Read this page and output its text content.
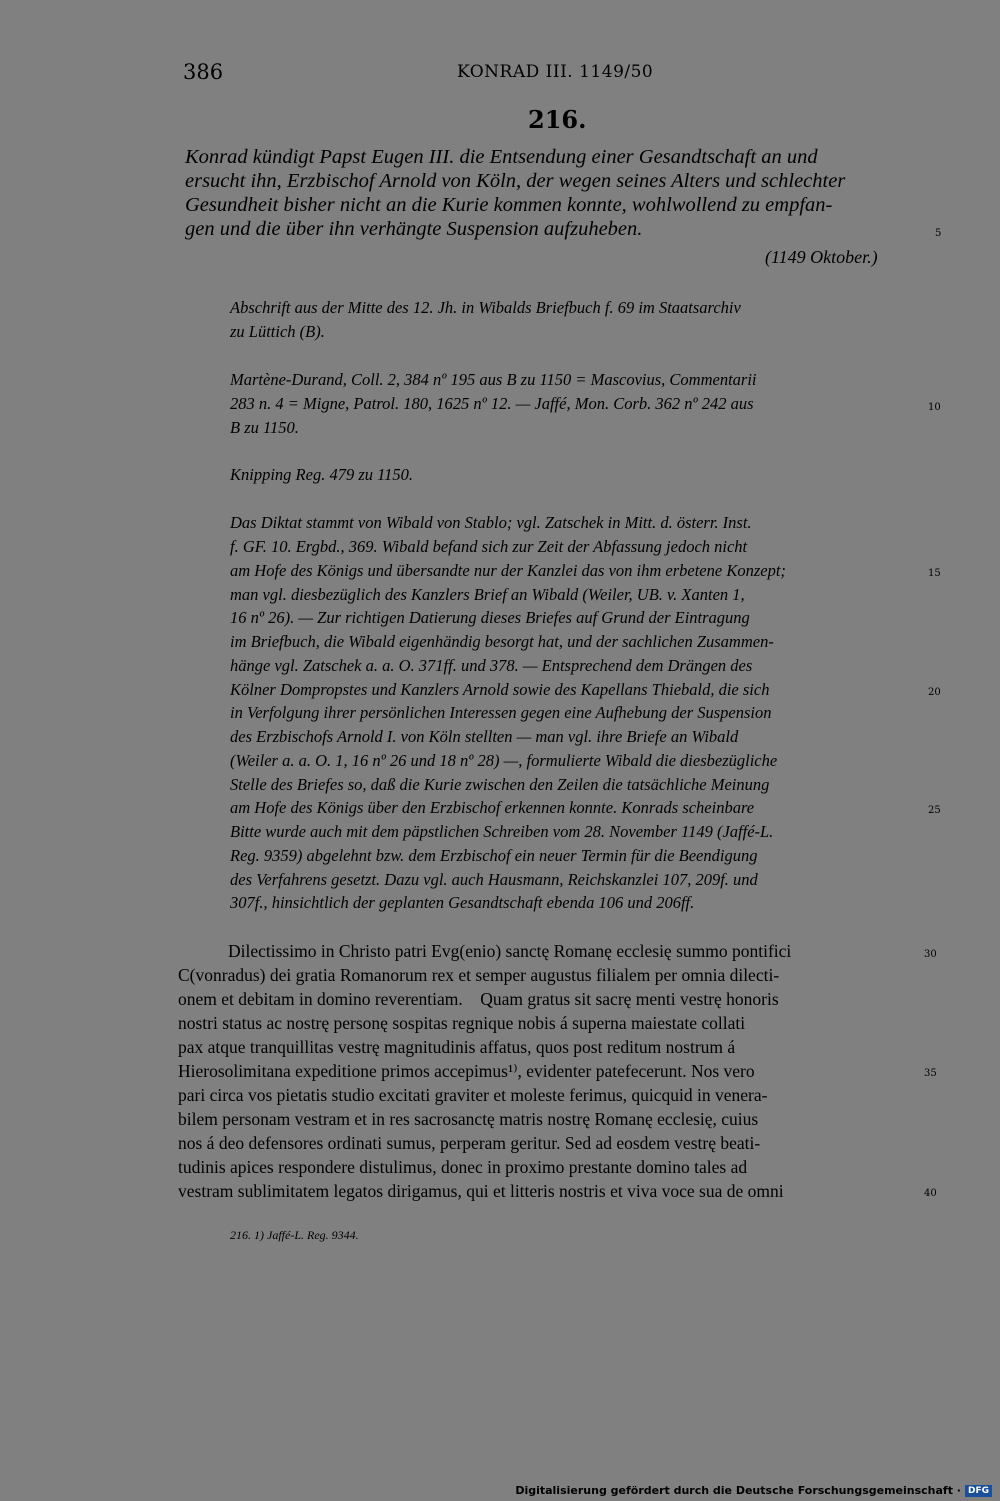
386	KONRAD III. 1149/50
216.
Konrad kündigt Papst Eugen III. die Entsendung einer Gesandtschaft an und
ersucht ihn, Erzbischof Arnold von Köln, der wegen seines Alters und schlechter
Gesundheit bisher nicht an die Kurie kommen konnte, wohlwollend zu empfan-
gen und die über ihn verhängte Suspension aufzuheben.
(1149 Oktober.)
Abschrift aus der Mitte des 12. Jh. in Wibalds Briefbuch f. 69 im Staatsarchiv
zu Lüttich (B).
Martène-Durand, Coll. 2, 384 nº 195 aus B zu 1150 = Mascovius, Commentarii
283 n. 4 = Migne, Patrol. 180, 1625 nº 12. — Jaffé, Mon. Corb. 362 nº 242 aus
B zu 1150.
Knipping Reg. 479 zu 1150.
Das Diktat stammt von Wibald von Stablo; vgl. Zatschek in Mitt. d. österr. Inst.
f. GF. 10. Ergbd., 369. Wibald befand sich zur Zeit der Abfassung jedoch nicht
am Hofe des Königs und übersandte nur der Kanzlei das von ihm erbetene Konzept;
man vgl. diesbezüglich des Kanzlers Brief an Wibald (Weiler, UB. v. Xanten 1,
16 nº 26). — Zur richtigen Datierung dieses Briefes auf Grund der Eintragung
im Briefbuch, die Wibald eigenhändig besorgt hat, und der sachlichen Zusammen-
hänge vgl. Zatschek a. a. O. 371ff. und 378. — Entsprechend dem Drängen des
Kölner Dompropstes und Kanzlers Arnold sowie des Kapellans Thiebald, die sich
in Verfolgung ihrer persönlichen Interessen gegen eine Aufhebung der Suspension
des Erzbischofs Arnold I. von Köln stellten — man vgl. ihre Briefe an Wibald
(Weiler a. a. O. 1, 16 nº 26 und 18 nº 28) —, formulierte Wibald die diesbezügliche
Stelle des Briefes so, daß die Kurie zwischen den Zeilen die tatsächliche Meinung
am Hofe des Königs über den Erzbischof erkennen konnte. Konrads scheinbare
Bitte wurde auch mit dem päpstlichen Schreiben vom 28. November 1149 (Jaffé-L.
Reg. 9359) abgelehnt bzw. dem Erzbischof ein neuer Termin für die Beendigung
des Verfahrens gesetzt. Dazu vgl. auch Hausmann, Reichskanzlei 107, 209f. und
307f., hinsichtlich der geplanten Gesandtschaft ebenda 106 und 206ff.
Dilectissimo in Christo patri Evg(enio) sanctę Romanę ecclesię summo pontifici
C(vonradus) dei gratia Romanorum rex et semper augustus filialem per omnia dilecti-
onem et debitam in domino reverentiam.    Quam gratus sit sacrę menti vestrę honoris
nostri status ac nostrę personę sospitas regnique nobis á superna maiestate collati
pax atque tranquillitas vestrę magnitudinis affatus, quos post reditum nostrum á
Hierosolimitana expeditione primos accepimus¹⁾, evidenter patefecerunt. Nos vero
pari circa vos pietatis studio excitati graviter et moleste ferimus, quicquid in venera-
bilem personam vestram et in res sacrosanctę matris nostrę Romanę ecclesię, cuius
nos á deo defensores ordinati sumus, perperam geritur. Sed ad eosdem vestrę beati-
tudinis apices respondere distulimus, donec in proximo prestante domino tales ad
vestram sublimitatem legatos dirigamus, qui et litteris nostris et viva voce sua de omni
5
10
15
20
25
30
35
40
216. 1) Jaffé-L. Reg. 9344.
Digitalisierung gefördert durch die Deutsche Forschungsgemeinschaft · DFG
